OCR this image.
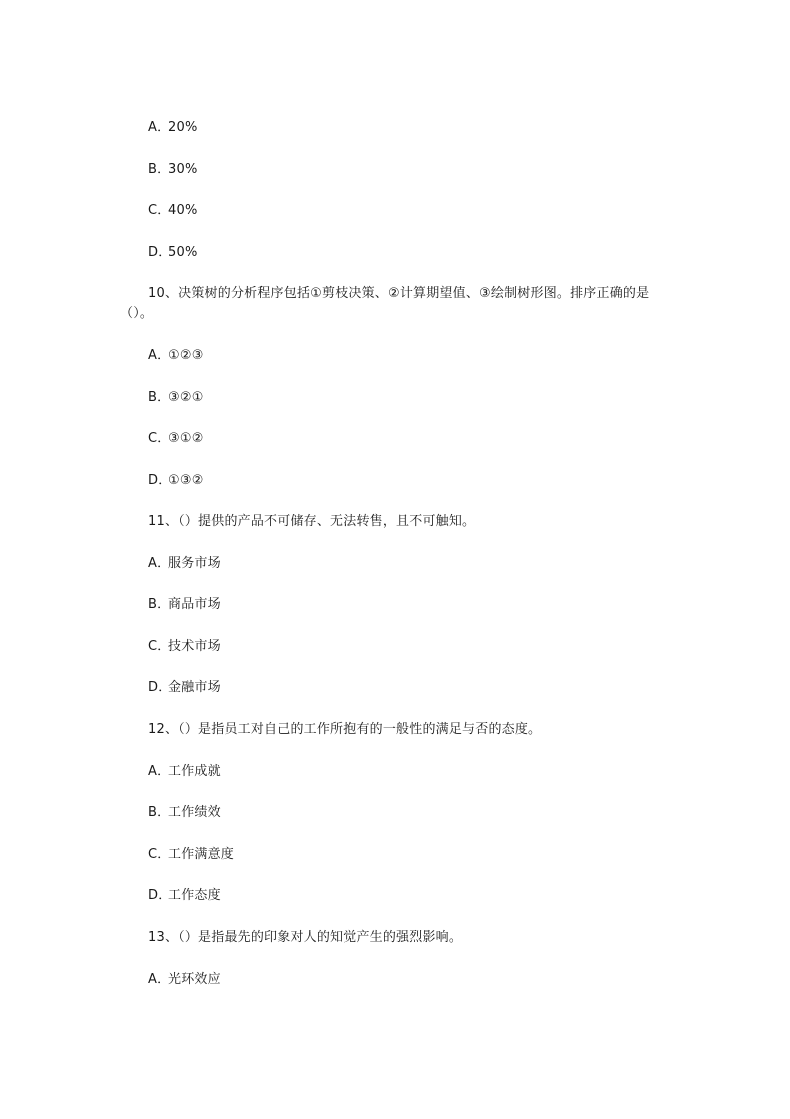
A．20%
B．30%
C．40%
D．50%
10、决策树的分析程序包括①剪枝决策、②计算期望值、③绘制树形图。排序正确的是（）。
A．①②③
B．③②①
C．③①②
D．①③②
11、（）提供的产品不可储存、无法转售，且不可触知。
A．服务市场
B．商品市场
C．技术市场
D．金融市场
12、（）是指员工对自己的工作所抱有的一般性的满足与否的态度。
A．工作成就
B．工作绩效
C．工作满意度
D．工作态度
13、（）是指最先的印象对人的知觉产生的强烈影响。
A．光环效应
